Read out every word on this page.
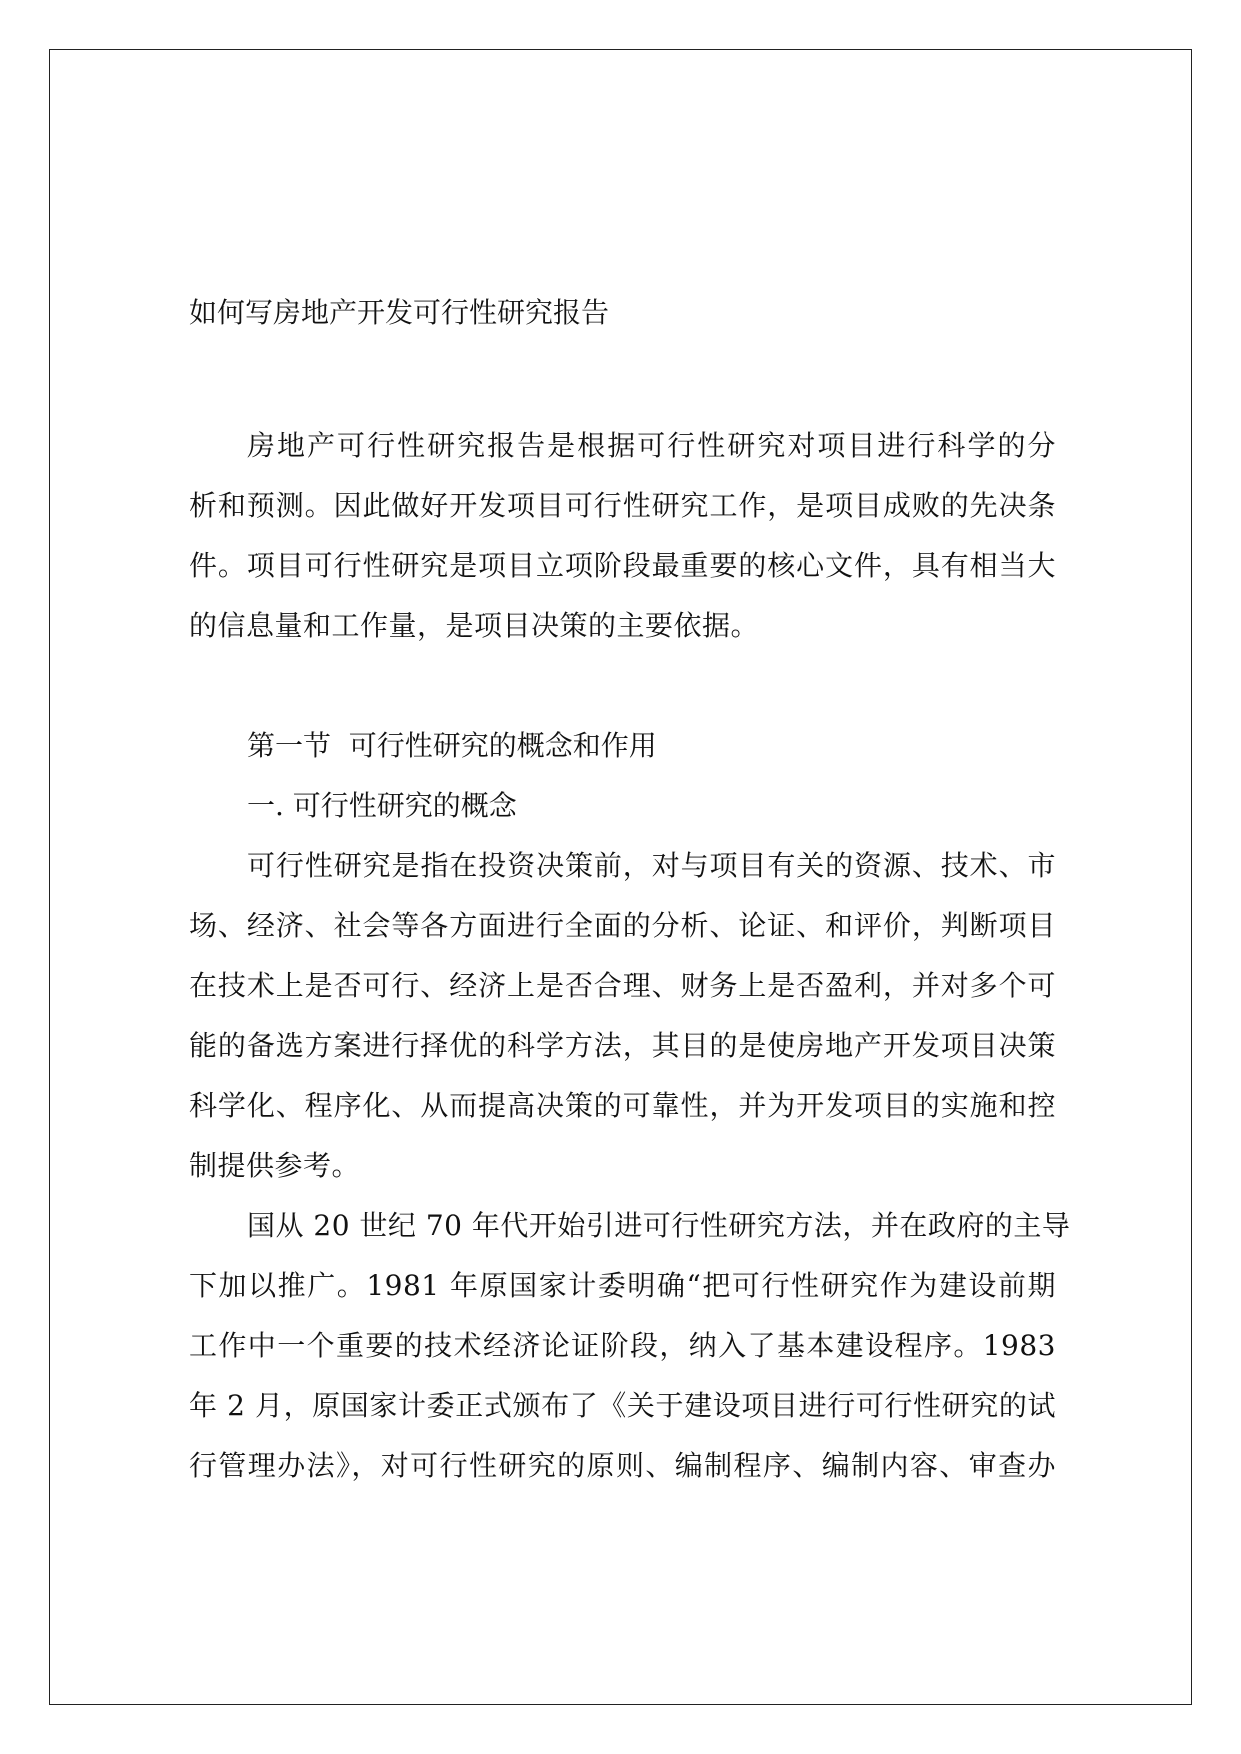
如何写房地产开发可行性研究报告
房地产可行性研究报告是根据可行性研究对项目进行科学的分
析和预测。因此做好开发项目可行性研究工作，是项目成败的先决条
件。项目可行性研究是项目立项阶段最重要的核心文件，具有相当大
的信息量和工作量，是项目决策的主要依据。
第一节  可行性研究的概念和作用
一. 可行性研究的概念
可行性研究是指在投资决策前，对与项目有关的资源、技术、市
场、经济、社会等各方面进行全面的分析、论证、和评价，判断项目
在技术上是否可行、经济上是否合理、财务上是否盈利，并对多个可
能的备选方案进行择优的科学方法，其目的是使房地产开发项目决策
科学化、程序化、从而提高决策的可靠性，并为开发项目的实施和控
制提供参考。
国从 20 世纪 70 年代开始引进可行性研究方法，并在政府的主导
下加以推广。1981 年原国家计委明确“把可行性研究作为建设前期
工作中一个重要的技术经济论证阶段，纳入了基本建设程序。1983
年 2 月，原国家计委正式颁布了《关于建设项目进行可行性研究的试
行管理办法》，对可行性研究的原则、编制程序、编制内容、审查办
